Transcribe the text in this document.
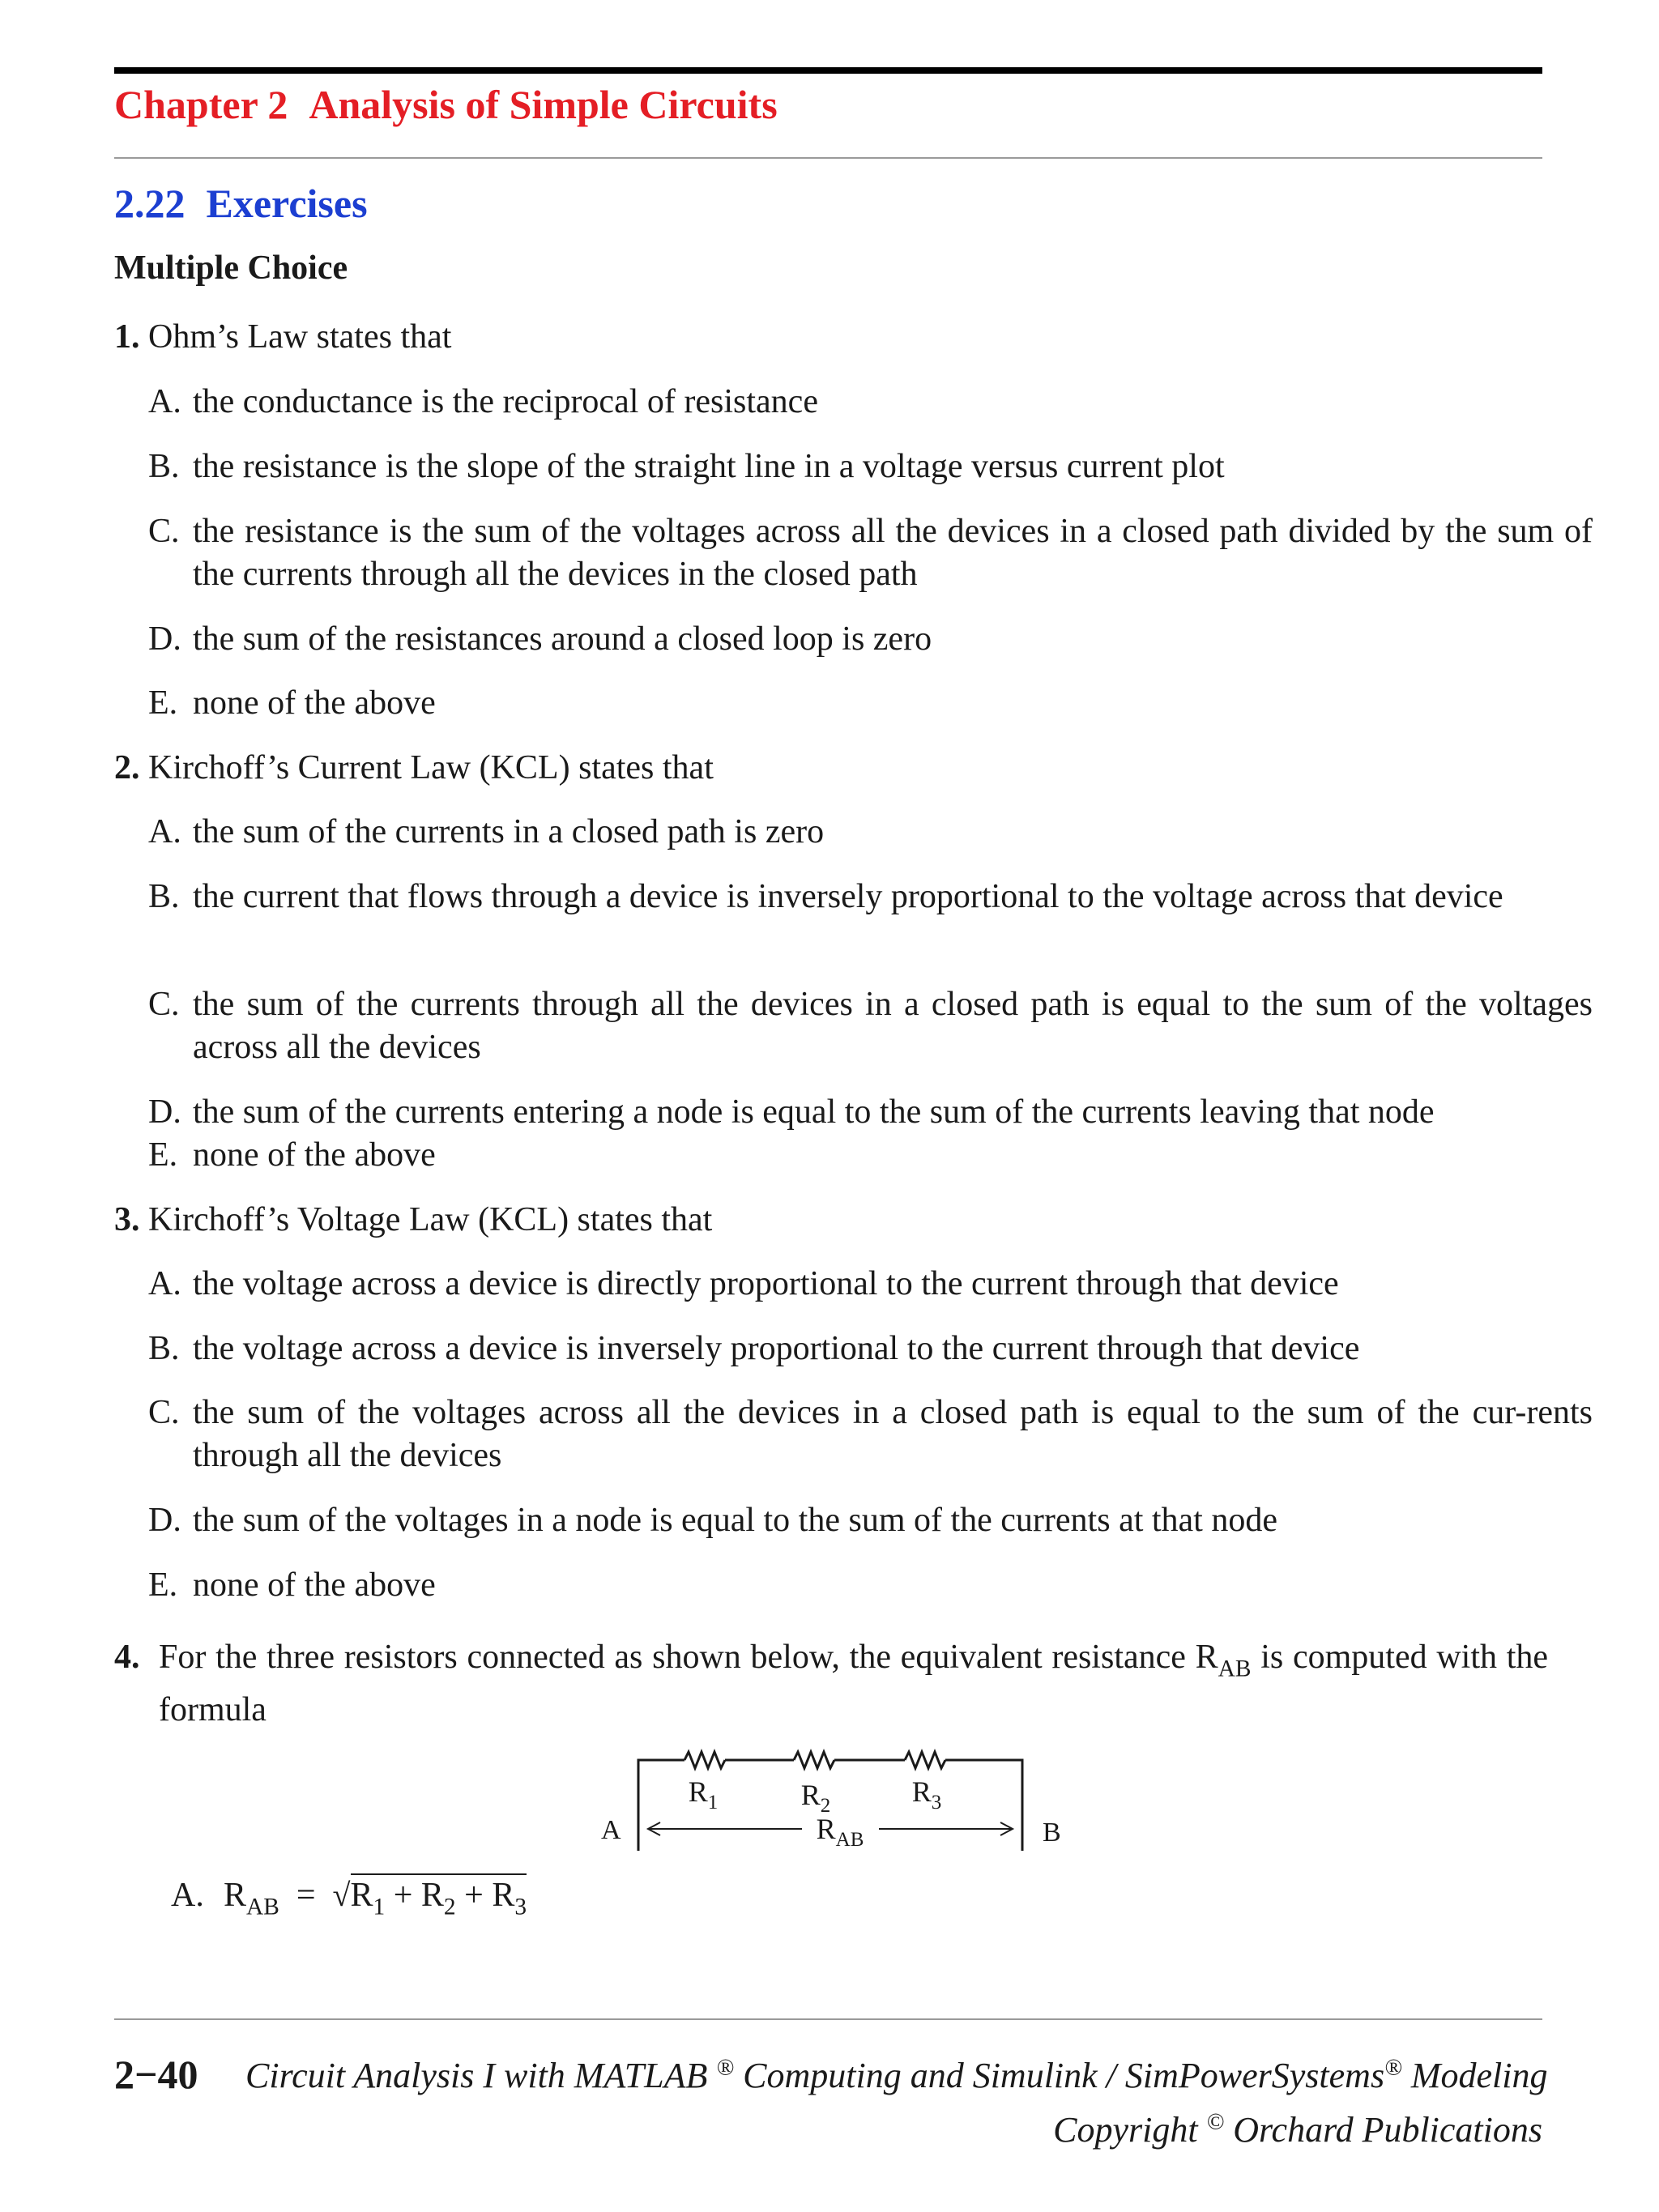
Chapter 2 Analysis of Simple Circuits
2.22 Exercises
Multiple Choice
1. Ohm’s Law states that
A. the conductance is the reciprocal of resistance
B. the resistance is the slope of the straight line in a voltage versus current plot
C. the resistance is the sum of the voltages across all the devices in a closed path divided by the sum of the currents through all the devices in the closed path
D. the sum of the resistances around a closed loop is zero
E. none of the above
2. Kirchoff’s Current Law (KCL) states that
A. the sum of the currents in a closed path is zero
B. the current that flows through a device is inversely proportional to the voltage across that device
C. the sum of the currents through all the devices in a closed path is equal to the sum of the voltages across all the devices
D. the sum of the currents entering a node is equal to the sum of the currents leaving that node
E. none of the above
3. Kirchoff’s Voltage Law (KCL) states that
A. the voltage across a device is directly proportional to the current through that device
B. the voltage across a device is inversely proportional to the current through that device
C. the sum of the voltages across all the devices in a closed path is equal to the sum of the cur-rents through all the devices
D. the sum of the voltages in a node is equal to the sum of the currents at that node
E. none of the above
4. For the three resistors connected as shown below, the equivalent resistance $R_{AB}$ is computed with the formula
$R_1$	$R_2$	$R_3$
$R_{AB}$
A	B
A. $R_{AB} = √R_1 + R_2 + R_3$
2−40 Circuit Analysis I with MATLAB ® Computing and Simulink / SimPowerSystems® Modeling
Copyright © Orchard Publications
